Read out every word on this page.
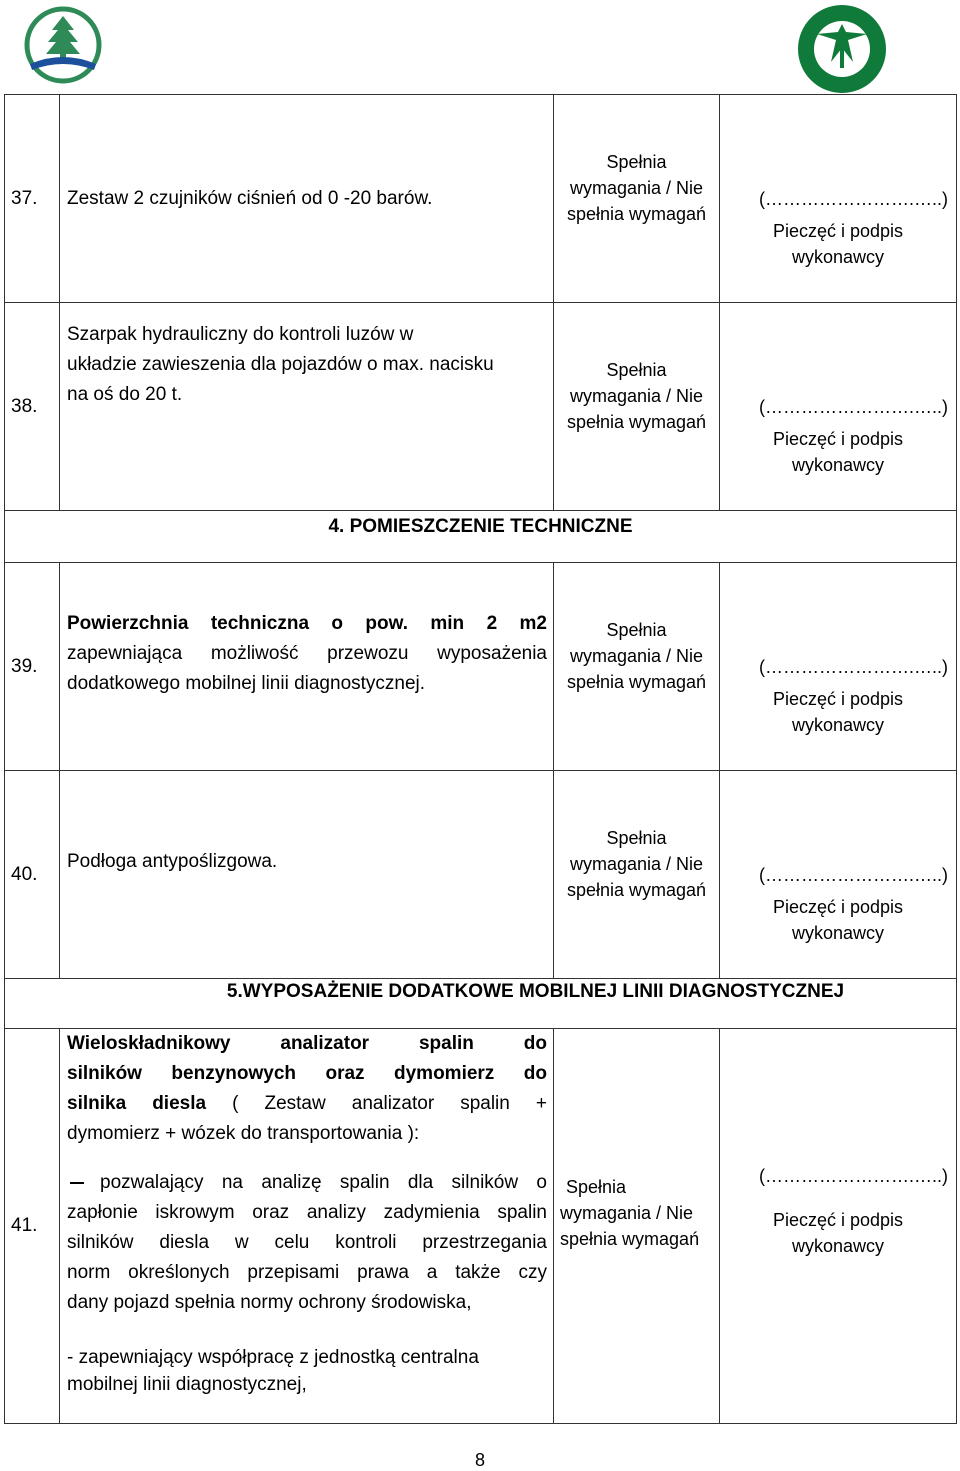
37. Zestaw 2 czujników ciśnień od 0 -20 barów.
Spełnia
wymagania / Nie
spełnia wymagań
(…………………….…..)
Pieczęć i podpis
wykonawcy
38.
Szarpak hydrauliczny do kontroli luzów w
układzie zawieszenia dla pojazdów o max. nacisku
na oś do 20 t.
Spełnia
wymagania / Nie
spełnia wymagań
(…………………….…..)
Pieczęć i podpis
wykonawcy
4. POMIESZCZENIE TECHNICZNE
39.
Powierzchnia techniczna o pow. min 2 m2
zapewniająca możliwość przewozu wyposażenia
dodatkowego mobilnej linii diagnostycznej.
Spełnia
wymagania / Nie
spełnia wymagań
(…………………….…..)
Pieczęć i podpis
wykonawcy
40.
Podłoga antypoślizgowa.
Spełnia
wymagania / Nie
spełnia wymagań
(…………………….…..)
Pieczęć i podpis
wykonawcy
5.WYPOSAŻENIE DODATKOWE MOBILNEJ LINII DIAGNOSTYCZNEJ
41.
Wieloskładnikowy analizator spalin do
silników benzynowych oraz dymomierz do
silnika diesla ( Zestaw analizator spalin +
dymomierz + wózek do transportowania ):
pozwalający na analizę spalin dla silników o
zapłonie iskrowym oraz analizy zadymienia spalin
silników diesla w celu kontroli przestrzegania
norm określonych przepisami prawa a także czy
dany pojazd spełnia normy ochrony środowiska,
- zapewniający współpracę z jednostką centralna
mobilnej linii diagnostycznej,
Spełnia
wymagania / Nie
spełnia wymagań
(…………………….…..)
Pieczęć i podpis
wykonawcy
8
